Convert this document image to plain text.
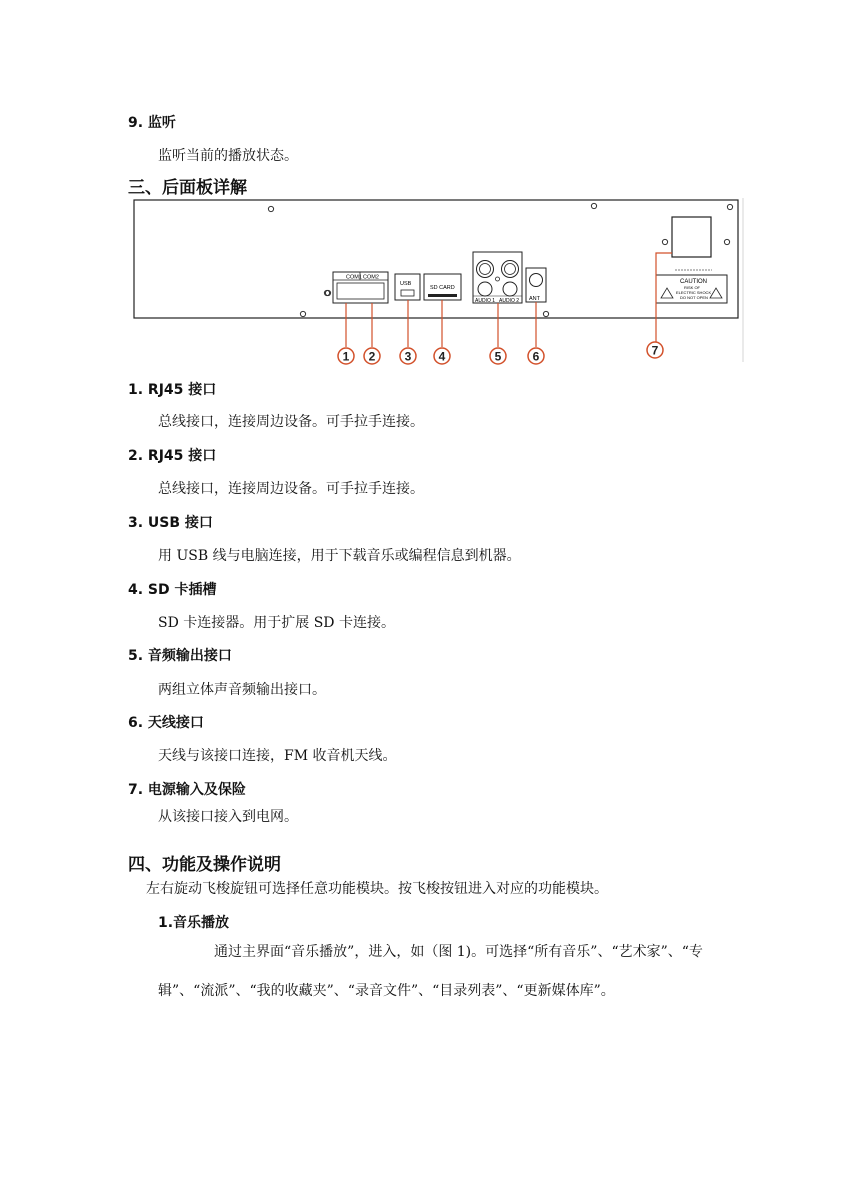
9. 监听
监听当前的播放状态。
三、后面板详解
COM1 COM2
USB
SD CARD
AUDIO 1 AUDIO 2 ANT
CAUTION
RISK OF
ELECTRIC SHOCK
DO NOT OPEN
1 2 3 4	5	6	7
1. RJ45 接口
总线接口，连接周边设备。可手拉手连接。
2. RJ45 接口
总线接口，连接周边设备。可手拉手连接。
3. USB 接口
用 USB 线与电脑连接，用于下载音乐或编程信息到机器。
4. SD 卡插槽
SD 卡连接器。用于扩展 SD 卡连接。
5. 音频输出接口
两组立体声音频输出接口。
6. 天线接口
天线与该接口连接，FM 收音机天线。
7. 电源输入及保险
从该接口接入到电网。
四、功能及操作说明
左右旋动飞梭旋钮可选择任意功能模块。按飞梭按钮进入对应的功能模块。
1.音乐播放
通过主界面“音乐播放”，进入，如（图 1)。可选择“所有音乐”、“艺术家”、“专辑”、“流派”、“我的收藏夹”、“录音文件”、“目录列表”、“更新媒体库”。
